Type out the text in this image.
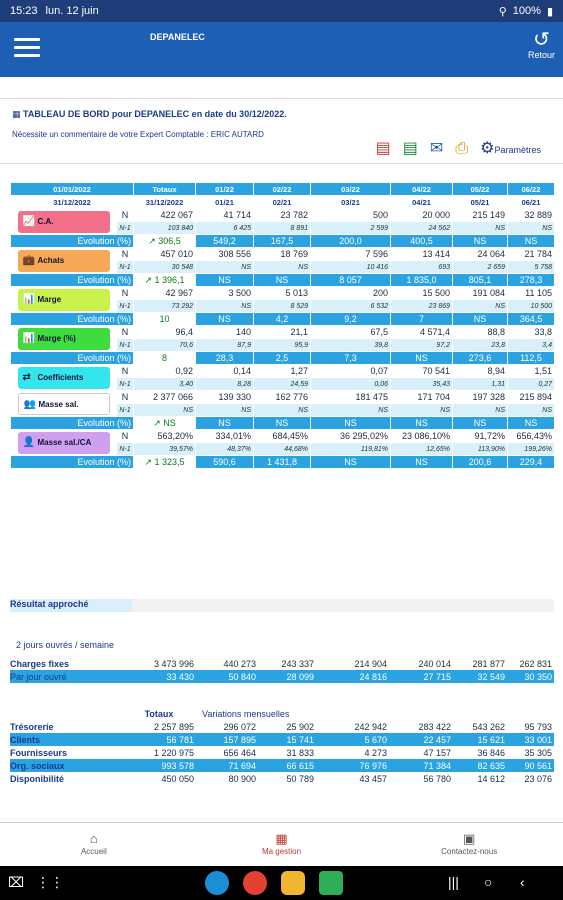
15:23 lun. 12 juin	⚲ 100% ▮
DEPANELEC	↺
Retour
▦ TABLEAU DE BORD pour DEPANELEC en date du 30/12/2022.
Nécessite un commentaire de votre Expert Comptable : ERIC AUTARD
▤ ▤ ✉ ⎙ ⚙Paramètres
01/01/2022		Totaux	01/22	02/22	03/22	04/22	05/22	06/22
31/12/2022		31/12/2022	01/21	02/21	03/21	04/21	05/21	06/21

📈 C.A.	N	422 067	41 714	23 782	500	20 000	215 149	32 889
	N-1	103 840	6 425	8 891	2 599	24 562	NS	NS
Evolution (%)		↗ 306,5	549,2	167,5	200,0	400,5	NS	NS

💼 Achats	N	457 010	308 556	18 769	7 596	13 414	24 064	21 784
	N-1	30 548	NS	NS	10 416	693	2 659	5 758
Evolution (%)		↗ 1 396,1	NS	NS	8 057	1 835,0	805,1	278,3

📊 Marge	N	42 967	3 500	5 013	200	15 500	191 084	11 105
	N-1	73 292	NS	8 529	6 532	23 869	NS	10 500
Evolution (%)		10	NS	4,2	9,2	7	NS	364,5

📊 Marge (%)	N	96,4	140	21,1	67,5	4 571,4	88,8	33,8
	N-1	70,6	87,9	95,9	39,8	97,2	23,8	3,4
Evolution (%)		8	28,3	2,5	7,3	NS	273,6	112,5

⇄ Coefficients	N	0,92	0,14	1,27	0,07	70 541	8,94	1,51
	N-1	3,40	8,28	24,59	0,06	35,43	1,31	0,27

👥 Masse sal.	N	2 377 066	139 330	162 776	181 475	171 704	197 328	215 894
	N-1	NS	NS	NS	NS	NS	NS	NS
Evolution (%)		↗ NS	NS	NS	NS	NS	NS	NS

👤 Masse sal./CA	N	563,20%	334,01%	684,45%	36 295,02%	23 086,10%	91,72%	656,43%
	N-1	39,57%	48,37%	44,68%	119,81%	12,65%	113,90%	199,26%
Evolution (%)		↗ 1 323,5	590,6	1 431,8	NS	NS	200,6	229,4
Résultat approché
2 jours ouvrés / semaine
Charges fixes	3 473 996	440 273	243 337	214 904	240 014	281 877	262 831
Par jour ouvré	33 430	50 840	28 099	24 816	27 715	32 549	30 350
	Totaux	Variations mensuelles					
Trésorerie	2 257 895	296 072	25 902	242 942	283 422	543 262	95 793
Clients	56 781	157 895	15 741	5 670	22 457	15 621	33 001
Fournisseurs	1 220 975	656 464	31 833	4 273	47 157	36 846	35 305
Org. sociaux	993 578	71 694	66 615	76 976	71 384	82 635	90 561
Disponibilité	450 050	80 900	50 789	43 457	56 780	14 612	23 076
⌂
Accueil
▦
Ma gestion
▣
Contactez-nous
⌧ ⋮⋮	||| ○ ‹
